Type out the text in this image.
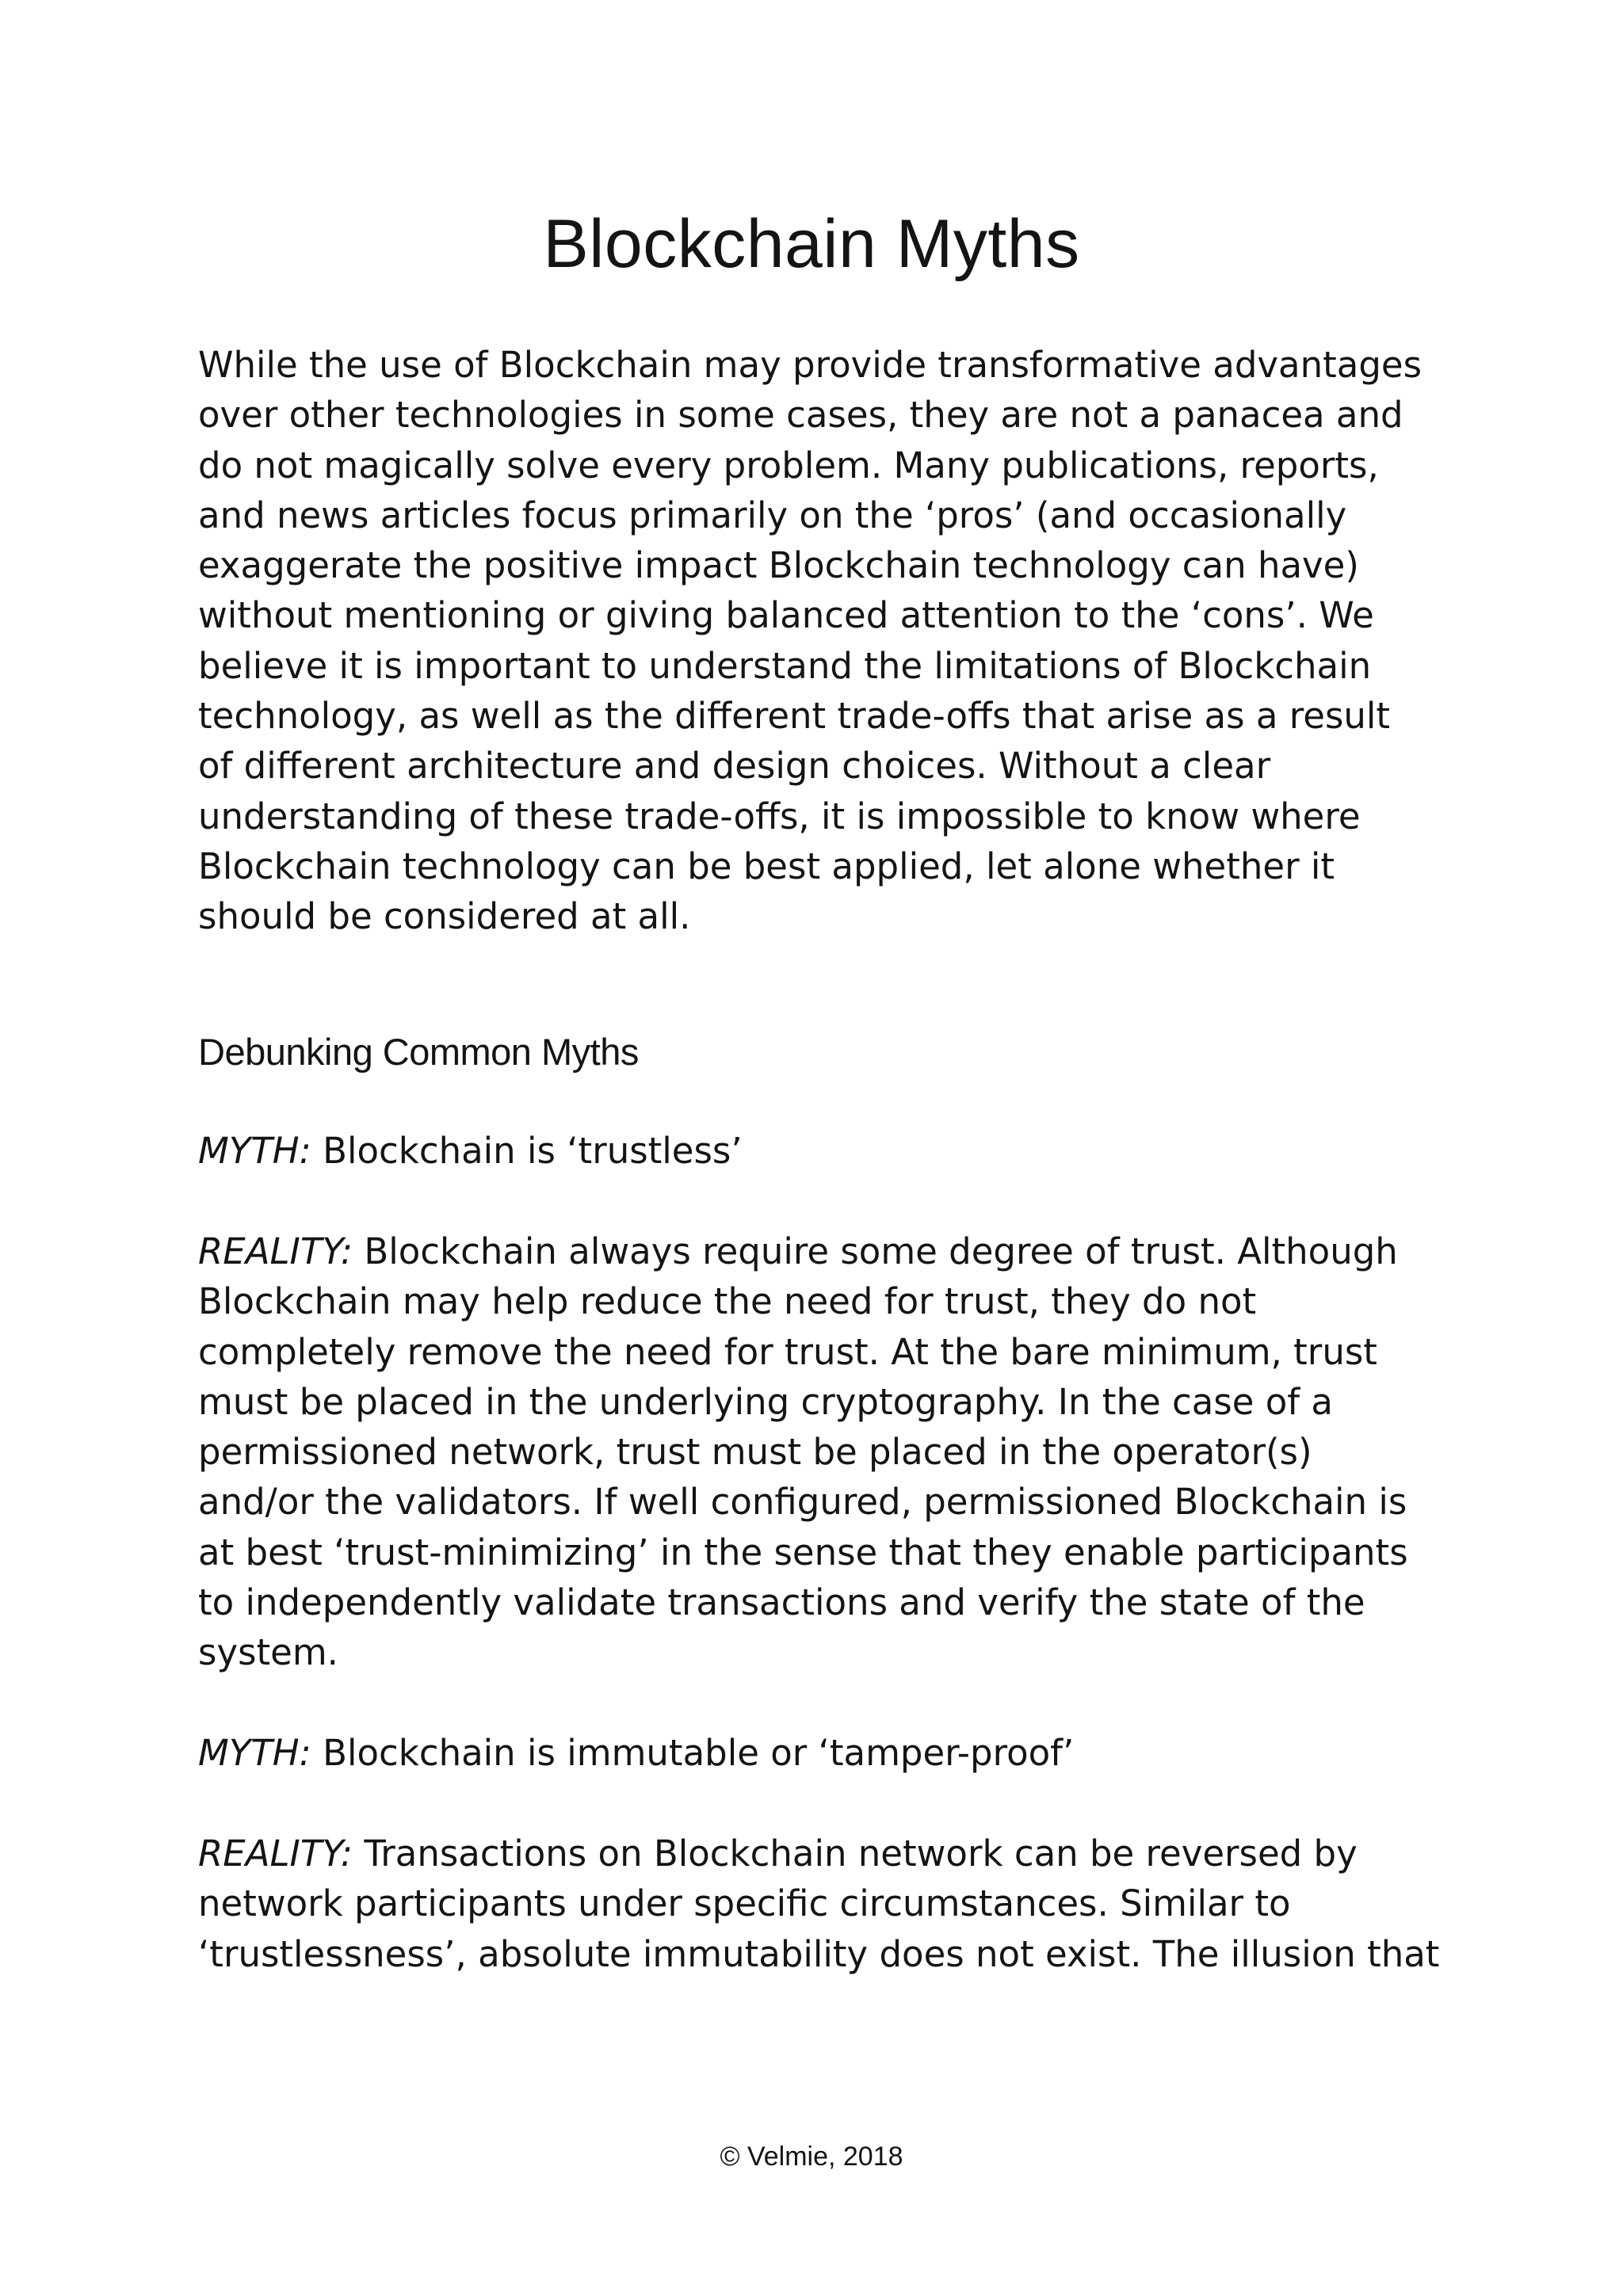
Blockchain Myths
While the use of Blockchain may provide transformative advantages
over other technologies in some cases, they are not a panacea and
do not magically solve every problem. Many publications, reports,
and news articles focus primarily on the ‘pros’ (and occasionally
exaggerate the positive impact Blockchain technology can have)
without mentioning or giving balanced attention to the ‘cons’. We
believe it is important to understand the limitations of Blockchain
technology, as well as the different trade-offs that arise as a result
of different architecture and design choices. Without a clear
understanding of these trade-offs, it is impossible to know where
Blockchain technology can be best applied, let alone whether it
should be considered at all.
Debunking Common Myths
MYTH: Blockchain is ‘trustless’
REALITY: Blockchain always require some degree of trust. Although
Blockchain may help reduce the need for trust, they do not
completely remove the need for trust. At the bare minimum, trust
must be placed in the underlying cryptography. In the case of a
permissioned network, trust must be placed in the operator(s)
and/or the validators. If well configured, permissioned Blockchain is
at best ‘trust-minimizing’ in the sense that they enable participants
to independently validate transactions and verify the state of the
system.
MYTH: Blockchain is immutable or ‘tamper-proof’
REALITY: Transactions on Blockchain network can be reversed by
network participants under specific circumstances. Similar to
‘trustlessness’, absolute immutability does not exist. The illusion that

© Velmie, 2018
